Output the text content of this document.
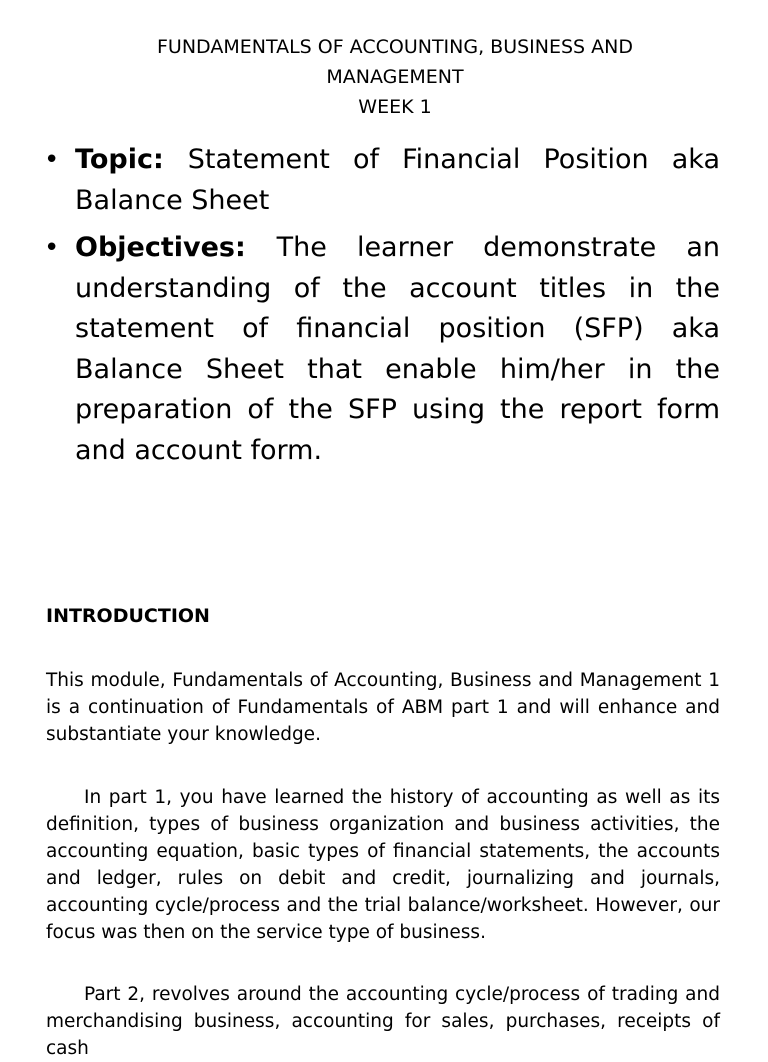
FUNDAMENTALS OF ACCOUNTING, BUSINESS AND
MANAGEMENT
WEEK 1
• Topic: Statement of Financial Position aka Balance Sheet
• Objectives: The learner demonstrate an understanding of the account titles in the statement of financial position (SFP) aka Balance Sheet that enable him/her in the preparation of the SFP using the report form and account form.
INTRODUCTION
This module, Fundamentals of Accounting, Business and Management 1 is a continuation of Fundamentals of ABM part 1 and will enhance and substantiate your knowledge.
In part 1, you have learned the history of accounting as well as its definition, types of business organization and business activities, the accounting equation, basic types of financial statements, the accounts and ledger, rules on debit and credit, journalizing and journals, accounting cycle/process and the trial balance/worksheet. However, our focus was then on the service type of business.
Part 2, revolves around the accounting cycle/process of trading and merchandising business, accounting for sales, purchases, receipts of cash
